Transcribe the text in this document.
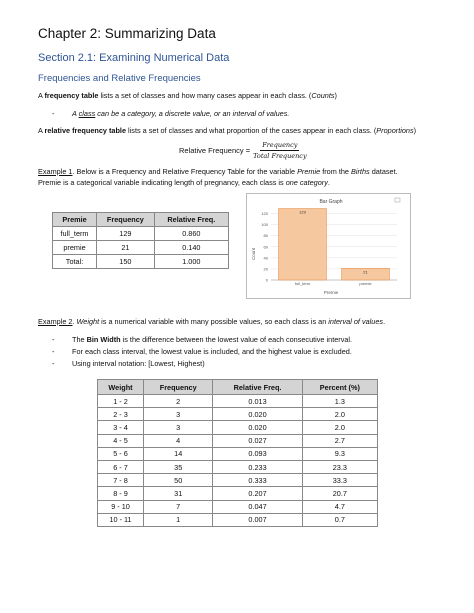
Chapter 2: Summarizing Data
Section 2.1: Examining Numerical Data
Frequencies and Relative Frequencies
A frequency table lists a set of classes and how many cases appear in each class. (Counts)
- A class can be a category, a discrete value, or an interval of values.
A relative frequency table lists a set of classes and what proportion of the cases appear in each class. (Proportions)
Relative Frequency = $\frac{\text{Frequency}}{\text{Total Frequency}}$
Example 1. Below is a Frequency and Relative Frequency Table for the variable Premie from the Births dataset.
Premie is a categorical variable indicating length of pregnancy, each class is one category.
Premie	Frequency	Relative Freq.
full_term	129	0.860
premie	21	0.140
Total:	150	1.000
Bar Graph
Count
Premie
129
21
0
20
40
60
80
100
120
full_term	premie
Example 2. Weight is a numerical variable with many possible values, so each class is an interval of values.
- The Bin Width is the difference between the lowest value of each consecutive interval.
- For each class interval, the lowest value is included, and the highest value is excluded.
- Using interval notation: [Lowest, Highest)
Weight	Frequency	Relative Freq.	Percent (%)
1 - 2	2	0.013	1.3
2 - 3	3	0.020	2.0
3 - 4	3	0.020	2.0
4 - 5	4	0.027	2.7
5 - 6	14	0.093	9.3
6 - 7	35	0.233	23.3
7 - 8	50	0.333	33.3
8 - 9	31	0.207	20.7
9 - 10	7	0.047	4.7
10 - 11	1	0.007	0.7
